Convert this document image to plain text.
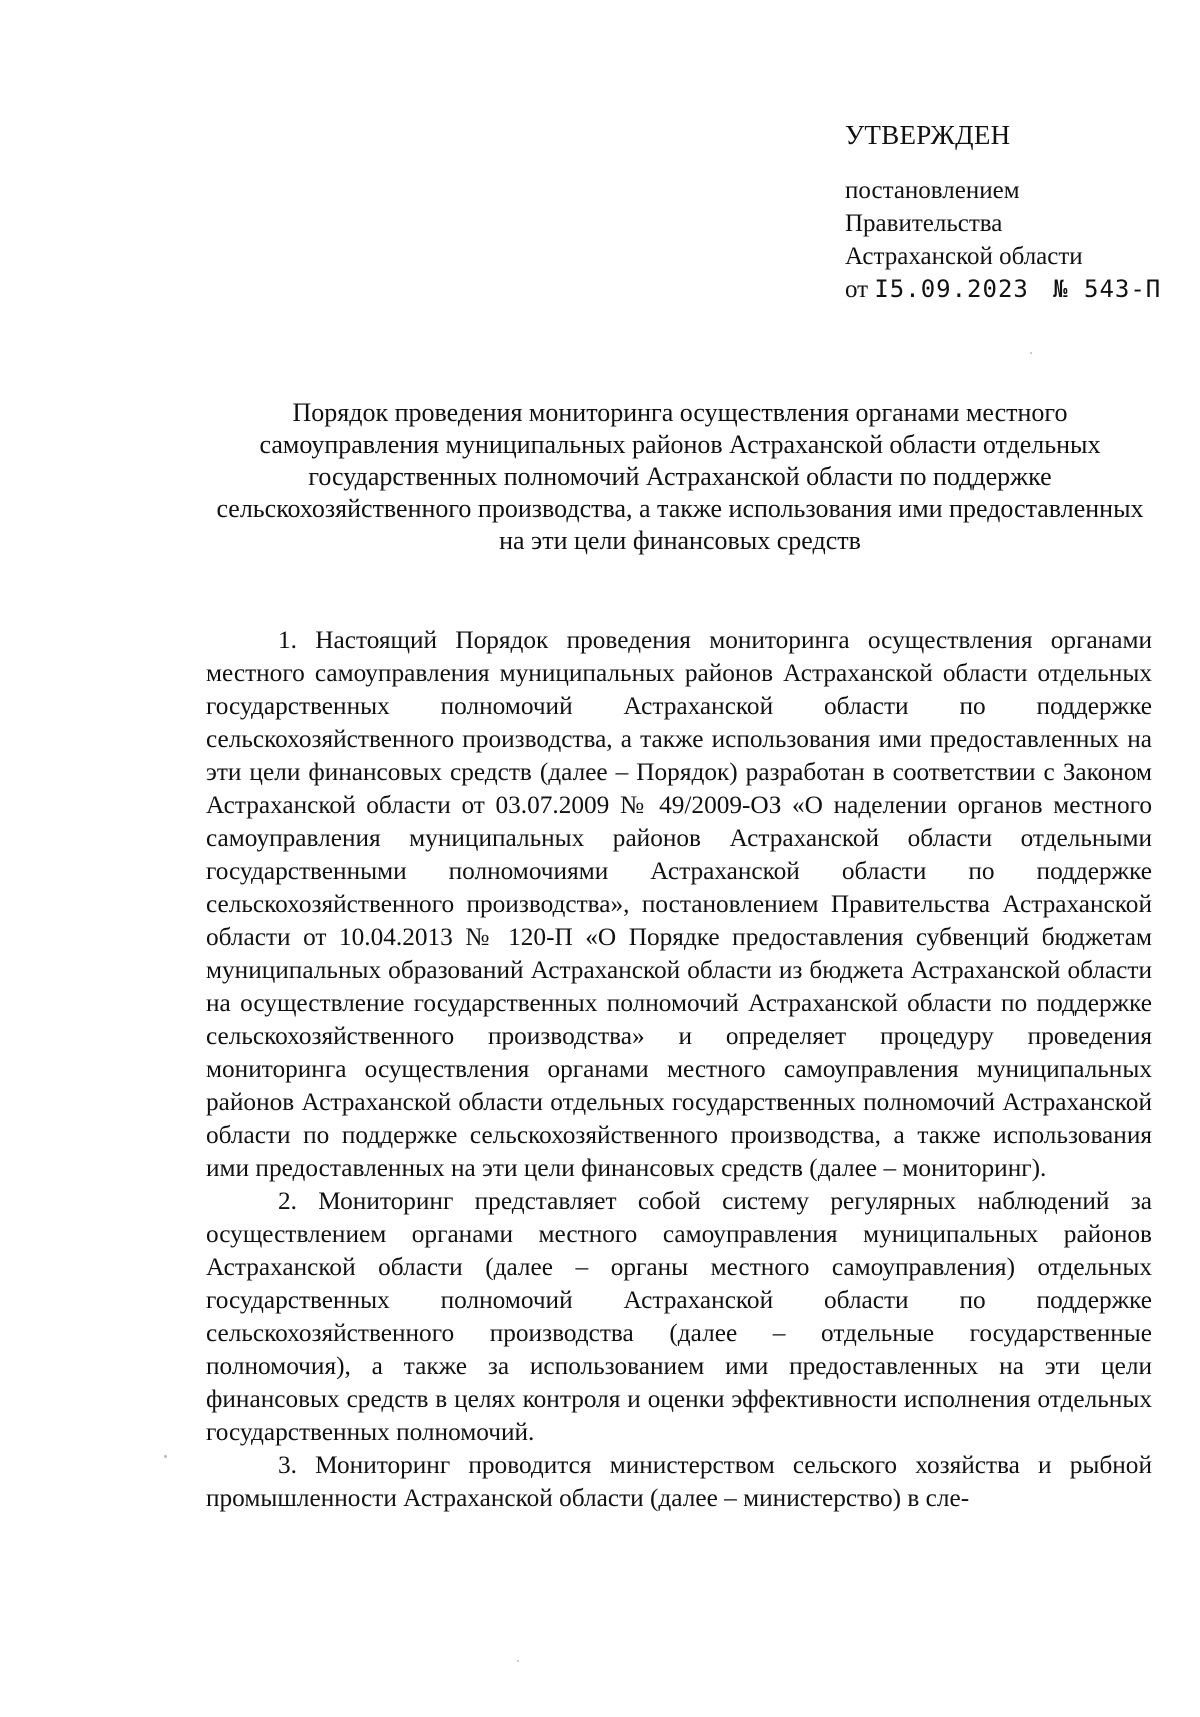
УТВЕРЖДЕН

постановлением

Правительства

Астраханской области

от I5.09.2023 № 543-П

Порядок проведения мониторинга осуществления органами местного самоуправления муниципальных районов Астраханской области отдельных государственных полномочий Астраханской области по поддержке сельскохозяйственного производства, а также использования ими предоставленных на эти цели финансовых средств

1. Настоящий Порядок проведения мониторинга осуществления органами местного самоуправления муниципальных районов Астраханской области отдельных государственных полномочий Астраханской области по поддержке сельскохозяйственного производства, а также использования ими предоставленных на эти цели финансовых средств (далее – Порядок) разработан в соответствии с Законом Астраханской области от 03.07.2009 № 49/2009-ОЗ «О наделении органов местного самоуправления муниципальных районов Астраханской области отдельными государственными полномочиями Астраханской области по поддержке сельскохозяйственного производства», постановлением Правительства Астраханской области от 10.04.2013 № 120-П «О Порядке предоставления субвенций бюджетам муниципальных образований Астраханской области из бюджета Астраханской области на осуществление государственных полномочий Астраханской области по поддержке сельскохозяйственного производства» и определяет процедуру проведения мониторинга осуществления органами местного самоуправления муниципальных районов Астраханской области отдельных государственных полномочий Астраханской области по поддержке сельскохозяйственного производства, а также использования ими предоставленных на эти цели финансовых средств (далее – мониторинг).

2. Мониторинг представляет собой систему регулярных наблюдений за осуществлением органами местного самоуправления муниципальных районов Астраханской области (далее – органы местного самоуправления) отдельных государственных полномочий Астраханской области по поддержке сельскохозяйственного производства (далее – отдельные государственные полномочия), а также за использованием ими предоставленных на эти цели финансовых средств в целях контроля и оценки эффективности исполнения отдельных государственных полномочий.

3. Мониторинг проводится министерством сельского хозяйства и рыбной промышленности Астраханской области (далее – министерство) в сле-
